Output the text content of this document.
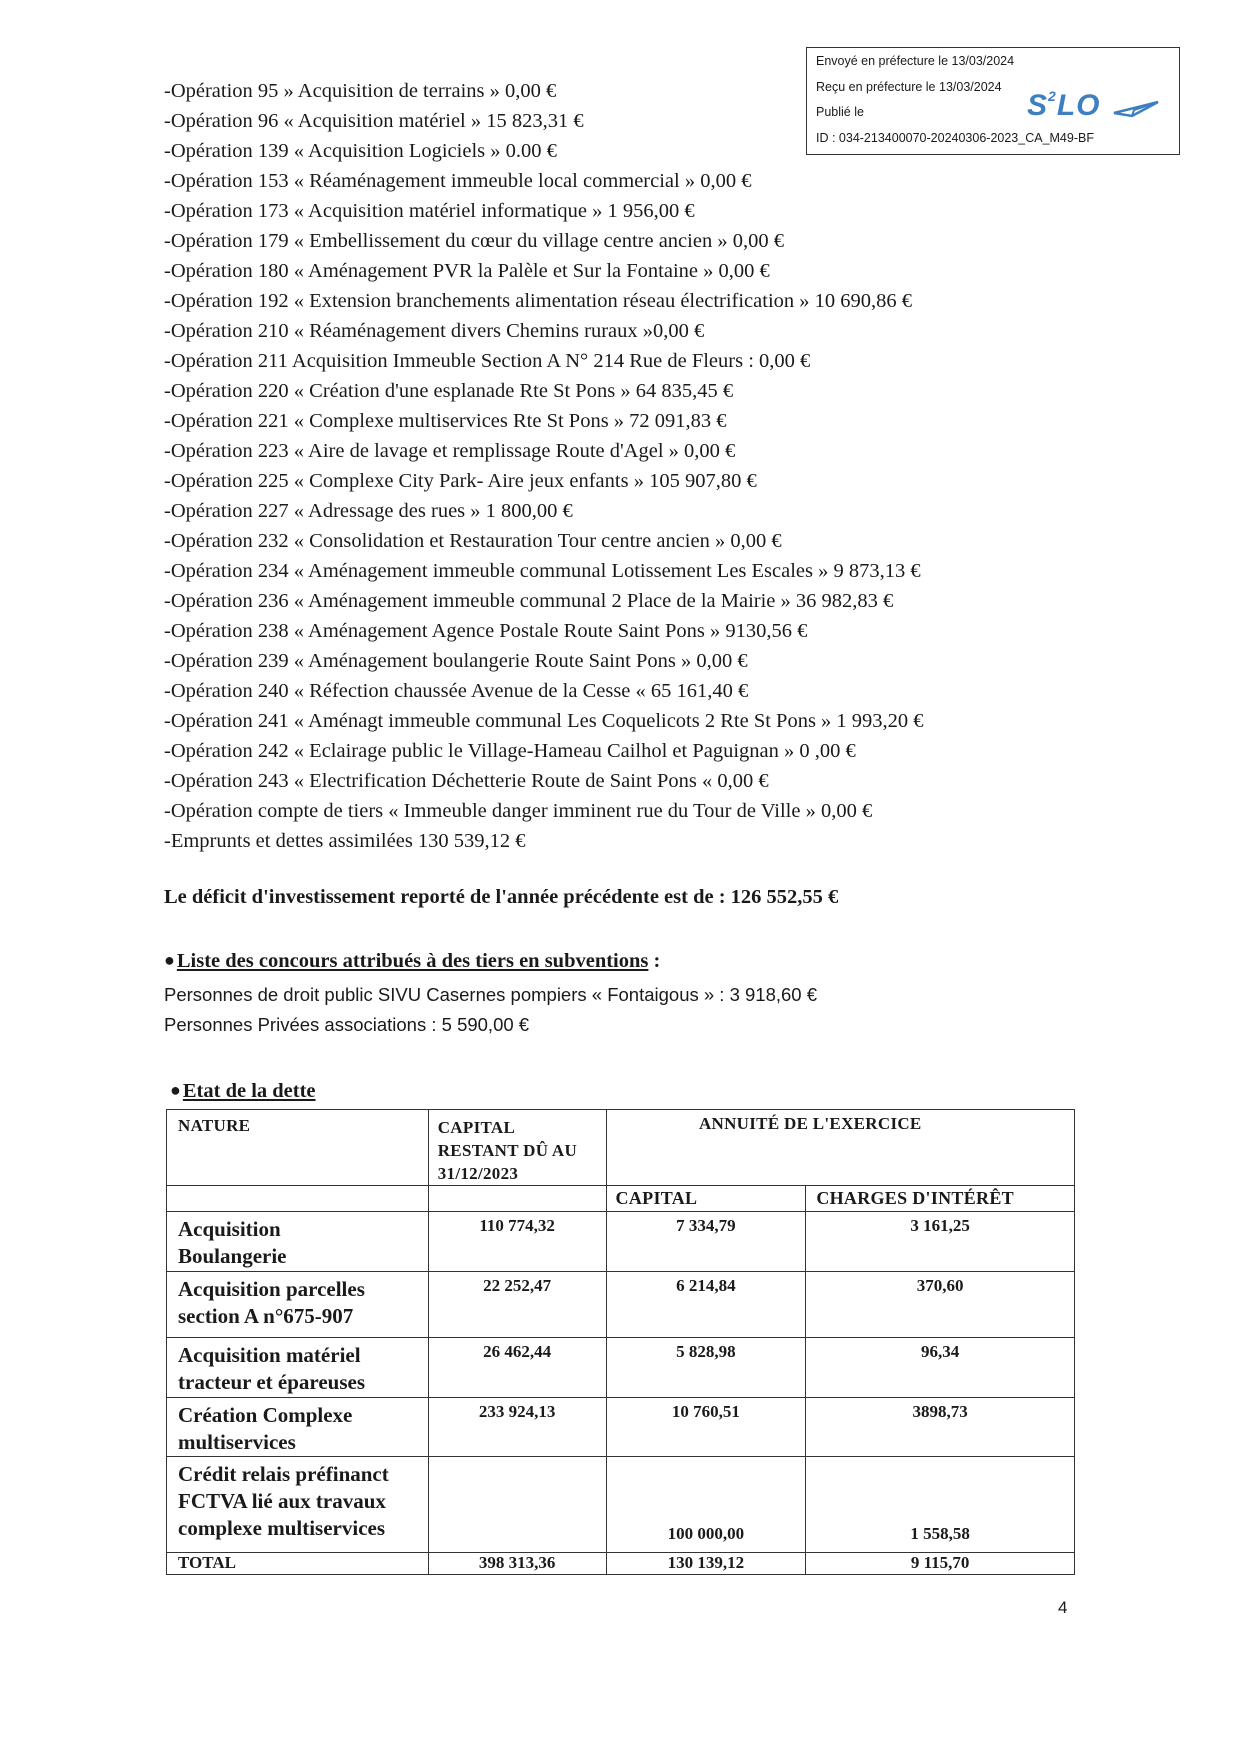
Envoyé en préfecture le 13/03/2024
Reçu en préfecture le 13/03/2024
Publié le
ID : 034-213400070-20240306-2023_CA_M49-BF
$S^2LO$
-Opération 95 » Acquisition de terrains » 0,00 €
-Opération 96 « Acquisition matériel » 15 823,31 €
-Opération 139 « Acquisition Logiciels » 0.00 €
-Opération 153 « Réaménagement immeuble local commercial » 0,00 €
-Opération 173 « Acquisition matériel informatique » 1 956,00 €
-Opération 179 « Embellissement du cœur du village centre ancien » 0,00 €
-Opération 180 « Aménagement PVR la Palèle et Sur la Fontaine » 0,00 €
-Opération 192 « Extension branchements alimentation réseau électrification » 10 690,86 €
-Opération 210 « Réaménagement divers Chemins ruraux »0,00 €
-Opération 211 Acquisition Immeuble Section A N° 214 Rue de Fleurs : 0,00 €
-Opération 220 « Création d'une esplanade Rte St Pons » 64 835,45 €
-Opération 221 « Complexe multiservices Rte St Pons » 72 091,83 €
-Opération 223 « Aire de lavage et remplissage Route d'Agel » 0,00 €
-Opération 225 « Complexe City Park- Aire jeux enfants » 105 907,80 €
-Opération 227 « Adressage des rues » 1 800,00 €
-Opération 232 « Consolidation et Restauration Tour centre ancien » 0,00 €
-Opération 234 « Aménagement immeuble communal Lotissement Les Escales » 9 873,13 €
-Opération 236 « Aménagement immeuble communal 2 Place de la Mairie » 36 982,83 €
-Opération 238 « Aménagement Agence Postale Route Saint Pons » 9130,56 €
-Opération 239 « Aménagement boulangerie Route Saint Pons » 0,00 €
-Opération 240 « Réfection chaussée Avenue de la Cesse « 65 161,40 €
-Opération 241 « Aménagt immeuble communal Les Coquelicots 2 Rte St Pons » 1 993,20 €
-Opération 242 « Eclairage public le Village-Hameau Cailhol et Paguignan » 0 ,00 €
-Opération 243 « Electrification Déchetterie Route de Saint Pons « 0,00 €
-Opération compte de tiers « Immeuble danger imminent rue du Tour de Ville » 0,00 €
-Emprunts et dettes assimilées 130 539,12 €
Le déficit d'investissement reporté de l'année précédente est de : 126 552,55 €
●Liste des concours attribués à des tiers en subventions :
Personnes de droit public SIVU Casernes pompiers « Fontaigous » : 3 918,60 €
Personnes Privées associations : 5 590,00 €
●Etat de la dette
NATURE	CAPITAL
RESTANT DÛ AU
31/12/2023	ANNUITÉ DE L'EXERCICE	
		CAPITAL	CHARGES D'INTÉRÊT
Acquisition
Boulangerie	110 774,32	7 334,79	3 161,25
Acquisition parcelles
section A n°675-907	22 252,47	6 214,84	370,60
Acquisition matériel
tracteur et épareuses	26 462,44	5 828,98	96,34
Création Complexe
multiservices	233 924,13	10 760,51	3898,73
Crédit relais préfinanct
FCTVA lié aux travaux
complexe multiservices		100 000,00	1 558,58
TOTAL	398 313,36	130 139,12	9 115,70
4
